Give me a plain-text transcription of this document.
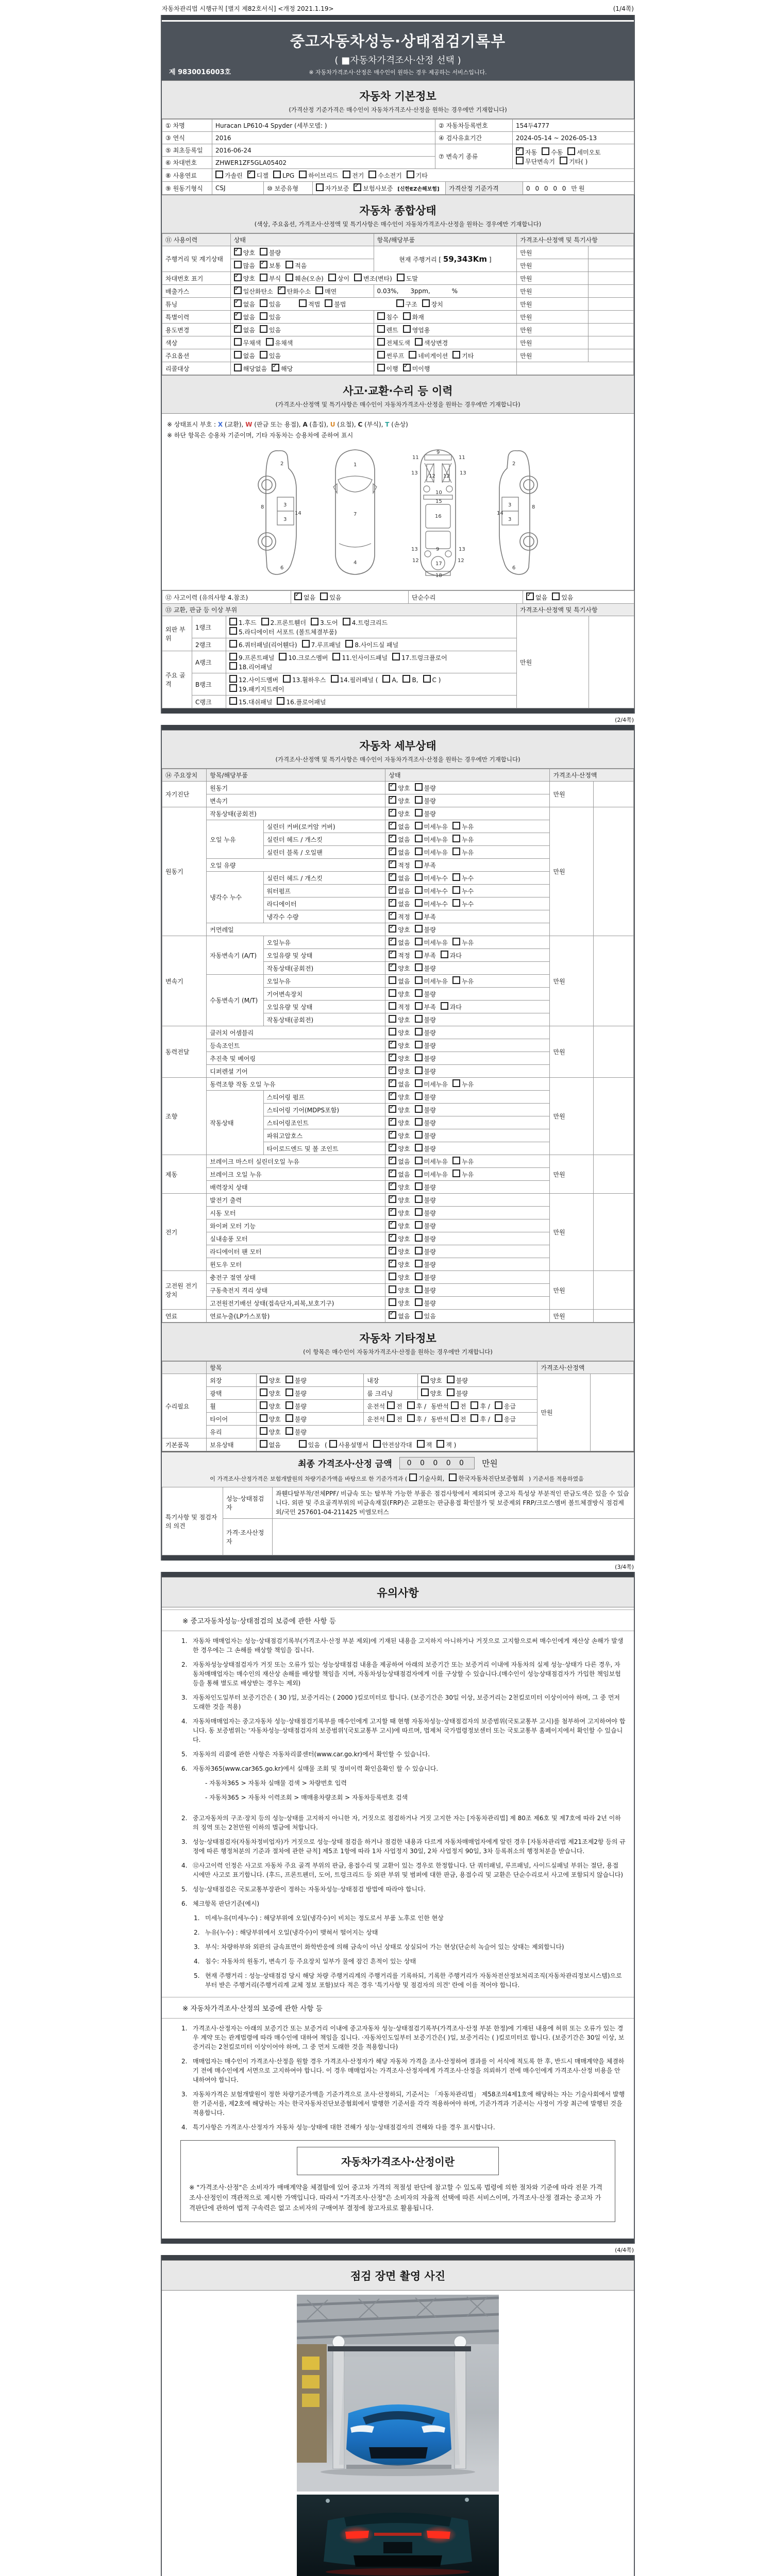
자동차관리법 시행규칙 [별지 제82호서식] <개정 2021.1.19>	(1/4쪽)
중고자동차성능·상태점검기록부
( ■자동차가격조사·산정 선택 )
※ 자동차가격조사·산정은 매수인이 원하는 경우 제공하는 서비스입니다.
제 9830016003호
자동차 기본정보
(가격산정 기준가격은 매수인이 자동차가격조사·산정을 원하는 경우에만 기재합니다)
① 차명	Huracan LP610-4 Spyder (세부모델: )	② 자동차등록번호	154두4777
③ 연식	2016	④ 검사유효기간	2024-05-14 ~ 2026-05-13
⑤ 최초등록일	2016-06-24	⑦ 변속기 종류	✓자동 수동 세미오토무단변속기 기타( )
⑥ 차대번호	ZHWER1ZF5GLA05402		
⑧ 사용연료	가솔린 ✓ 디젤 LPG 하이브리드 전기 수소전기 기타
⑨ 원동기형식	CSJ	⑩ 보증유형	자가보증 ✓ 보험사보증 [신한EZ손해보험]	가격산정 기준가격	0 0 0 0 0 만원
자동차 종합상태
(색상, 주요옵션, 가격조사·산정액 및 특기사항은 매수인이 자동차가격조사·산정을 원하는 경우에만 기재합니다)
⑪ 사용이력	상태	항목/해당부품	가격조사·산정액 및 특기사항	
주행거리 및 계기상태	✓양호 불량	현재 주행거리 [ 59,343Km ]	만원	
	많음 ✓ 보통 적음		만원	
차대번호 표기	✓양호 부식 훼손(오손) 상이 변조(변타) 도말		만원	
배출가스	✓일산화탄소 ✓ 탄화수소 매연	0.03%,      3ppm,           %	만원	
튜닝	✓없음 있음 적법 불법 구조 장치		만원	
특별이력	✓없음 있음	침수 화재	만원	
용도변경	✓없음 있음	렌트 영업용	만원	
색상	무채색 유채색	전체도색 색상변경	만원	
주요옵션	없음 있음	썬루프 네비게이션 기타	만원	
리콜대상	해당없음 ✓ 해당	이행 ✓ 미이행	
사고·교환·수리 등 이력
(가격조사·산정액 및 특기사항은 매수인이 자동차가격조사·산정을 원하는 경우에만 기재합니다)
※ 상태표시 부호 : X (교환), W (판금 또는 용접), A (흠집), U (요철), C (부식), T (손상)
※ 하단 항목은 승용차 기준이며, 기타 자동차는 승용차에 준하여 표시
2
8	3
14
3
6
1
7
4
11	11
13
12 12
13
9
10
15
16
9
13	13
17
12	12
18
2
8
3
14
3
6
⑫ 사고이력 (유의사항 4.참조)	✓없음 있음	단순수리	✓없음 있음
⑬ 교환, 판금 등 이상 부위			가격조사·산정액 및 특기사항	
외판 부위	1랭크	1.후드 2.프론트휀더 3.도어 4.트렁크리드
5.라디에이터 서포트 (볼트체결부품)	만원	
	2랭크	6.쿼터패널(리어휀다) 7.루프패널 8.사이드실 패널		
주요 골격	A랭크	9.프론트패널 10.크로스멤버 11.인사이드패널 17.트렁크플로어
18.리어패널		
	B랭크	12.사이드멤버 13.휠하우스 14.필러패널 ( A, B, C )
19.패키지트레이		
	C랭크	15.대쉬패널 16.플로어패널		
(2/4쪽)
자동차 세부상태
(가격조사·산정액 및 특기사항은 매수인이 자동차가격조사·산정을 원하는 경우에만 기재합니다)
⑭ 주요장치	항목/해당부품		상태	가격조사·산정액	
자기진단	원동기	✓양호 불량	만원	
	변속기	✓양호 불량
원동기	작동상태(공회전)	✓양호 불량	만원	
	오일 누유	실린더 커버(로커암 커버)	✓없음 미세누유 누유
		실린더 헤드 / 개스킷	✓없음 미세누유 누유
		실린더 블록 / 오일팬	✓없음 미세누유 누유
	오일 유량	✓적정 부족
	냉각수 누수	실린더 헤드 / 개스킷	✓없음 미세누수 누수
		워터펌프	✓없음 미세누수 누수
		라디에이터	✓없음 미세누수 누수
		냉각수 수량	✓적정 부족
	커먼레일	✓양호 불량
변속기	자동변속기 (A/T)	오일누유	✓없음 미세누유 누유	만원	
		오일유량 및 상태	✓적정 부족 과다
		작동상태(공회전)	✓양호 불량
	수동변속기 (M/T)	오일누유	없음 미세누유 누유		
		기어변속장치	양호 불량		
		오일유량 및 상태	적정 부족 과다		
		작동상태(공회전)	양호 불량		
동력전달	클러치 어셈블리		양호 불량	만원	
	등속조인트	✓양호 불량
	추진축 및 베어링	✓양호 불량
	디퍼렌셜 기어	✓양호 불량
조향	동력조향 작동 오일 누유	✓없음 미세누유 누유	만원	
	작동상태	스티어링 펌프	✓양호 불량
		스티어링 기어(MDPS포함)	✓양호 불량
		스티어링조인트	✓양호 불량
		파워고압호스	✓양호 불량
		타이로드엔드 및 볼 조인트	✓양호 불량
제동	브레이크 마스터 실린더오일 누유	✓없음 미세누유 누유	만원	
	브레이크 오일 누유	✓없음 미세누유 누유
	배력장치 상태	✓양호 불량
전기	발전기 출력	✓양호 불량	만원	
	시동 모터	✓양호 불량
	와이퍼 모터 기능	✓양호 불량
	실내송풍 모터	✓양호 불량
	라디에이터 팬 모터	✓양호 불량
	윈도우 모터	✓양호 불량
고전원 전기장치	충전구 절연 상태		양호 불량	만원	
	구동축전지 격리 상태		양호 불량		
	고전원전기배선 상태(접속단자,피복,보호기구)		양호 불량		
연료	연료누출(LP가스포함)	✓없음 있음	만원	
자동차 기타정보
(이 항목은 매수인이 자동차가격조사·산정을 원하는 경우에만 기재합니다)
	항목				가격조사·산정액	
수리필요	외장	양호 불량	내장	양호 불량	만원	
	광택	양호 불량	룸 크리닝	양호 불량		
	휠	양호 불량	운전석 전 후 / 동반석 전 후 / 응급			
	타이어	양호 불량	운전석 전 후 / 동반석 전 후 / 응급			
	유리	양호 불량				
기본품목	보유상태	없음 있음 ( 사용설명서 안전삼각대 잭 잭 )				
최종 가격조사·산정 금액	0 0 0 0 0	만원
이 가격조사·산정가격은 보험개발원의 차량기준가액을 바탕으로 한 기준가격과 ( 기술사회, 한국자동차진단보증협회 ) 기준서를 적용하였음
특기사항 및 점검자의 의견	성능·상태점검자	좌휀다탈부착/전체PPF/ 비금속 또는 탈부착 가능한 부품은 점검사항에서 제외되며 중고차 특성상 부분적인 판금도색은 있을 수 있습니다. 외판 및 주요골격부위의 비금속재질(FRP)은 교환또는 판금용접 확인불가 및 보증제외 FRP/크로스멤버 볼트체결방식 점검제외/국민 257601-04-211425 비엠모터스
	가격·조사산정자	
(3/4쪽)
유의사항
※ 중고자동차성능·상태점검의 보증에 관한 사항 등
1. 자동차 매매업자는 성능·상태점검기록부(가격조사·산정 부분 제외)에 기재된 내용을 고지하지 아니하거나 거짓으로 고지함으로써 매수인에게 재산상 손해가 발생한 경우에는 그 손해를 배상할 책임을 집니다.
2. 자동차성능상태점검자가 거짓 또는 오류가 있는 성능상태점검 내용을 제공하여 아래의 보증기간 또는 보증거리 이내에 자동차의 실제 성능·상태가 다른 경우, 자동차매매업자는 매수인의 재산상 손해를 배상할 책임을 지며, 자동차성능상태점검자에게 이를 구상할 수 있습니다.(매수인이 성능상태점검자가 가입한 책임보험 등을 통해 별도로 배상받는 경우는 제외)
3. 자동차인도일부터 보증기간은 ( 30 )일, 보증거리는 ( 2000 )킬로미터로 합니다. (보증기간은 30일 이상, 보증거리는 2천킬로미터 이상이어야 하며, 그 중 먼저 도래한 것을 적용)
4. 자동차매매업자는 중고자동차 성능·상태점검기록부를 매수인에게 고지할 때 현행 자동차성능·상태점검자의 보증범위(국토교통부 고시)를 첨부하여 고지하여야 합니다. 동 보증범위는 '자동차성능·상태점검자의 보증범위'(국토교통부 고시)에 따르며, 법제처 국가법령정보센터 또는 국토교통부 홈페이지에서 확인할 수 있습니다.
5. 자동차의 리콜에 관한 사항은 자동차리콜센터(www.car.go.kr)에서 확인할 수 있습니다.
6. 자동차365(www.car365.go.kr)에서 실매물 조회 및 정비이력 확인을확인 할 수 있습니다.
- 자동차365 > 자동차 실매물 검색 > 차량번호 입력
- 자동차365 > 자동차 이력조회 > 매매용차량조회 > 자동차등록번호 검색
2. 중고자동차의 구조·장치 등의 성능·상태를 고지하지 아니한 자, 거짓으로 점검하거나 거짓 고지한 자는 [자동차관리법] 제 80조 제6호 및 제7호에 따라 2년 이하의 징역 또는 2천만원 이하의 벌금에 처합니다.
3. 성능·상태점검자(자동차정비업자)가 거짓으로 성능·상태 점검을 하거나 점검한 내용과 다르게 자동차매매업자에게 알린 경우 [자동차관리법 제21조제2항 등의 규정에 따른 행정처분의 기준과 절차에 관한 규칙] 제5조 1항에 따라 1차 사업정지 30일, 2차 사업정지 90일, 3차 등록취소의 행정처분을 받습니다.
4. ⑫사고이력 인정은 사고로 자동차 주요 골격 부위의 판금, 용접수리 및 교환이 있는 경우로 한정합니다. 단 쿼터패널, 루프패널, 사이드실패널 부위는 절단, 용접 시에만 사고로 표기합니다. (후드, 프론트펜더, 도어, 트렁크리드 등 외판 부위 및 범퍼에 대한 판금, 용접수리 및 교환은 단순수리로서 사고에 포함되지 않습니다)
5. 성능·상태점검은 국토교통부장관이 정하는 자동차성능·상태점검 방법에 따라야 합니다.
6. 체크항목 판단기준(예시)
1. 미세누유(미세누수) : 해당부위에 오일(냉각수)이 비치는 정도로서 부품 노후로 인한 현상
2. 누유(누수) : 해당부위에서 오일(냉각수)이 맺혀서 떨어지는 상태
3. 부식: 차량하부와 외판의 금속표면이 화학반응에 의해 금속이 아닌 상태로 상실되어 가는 현상(단순히 녹슬어 있는 상태는 제외합니다)
4. 침수: 자동차의 원동기, 변속기 등 주요장치 일부가 물에 잠긴 흔적이 있는 상태
5. 현재 주행거리 : 성능·상태점검 당시 해당 차량 주행거리계의 주행거리를 기록하되, 기록한 주행거리가 자동차전산정보처리조직(자동차관리정보시스템)으로부터 받은 주행거리(주행거리계 교체 정보 포함)보다 적은 경우 '특기사항 및 점검자의 의견' 란에 이를 적어야 합니다.
※ 자동차가격조사·산정의 보증에 관한 사항 등
1. 가격조사·산정자는 아래의 보증기간 또는 보증거리 이내에 중고자동차 성능·상태점검기록부(가격조사·산정 부분 한정)에 기재된 내용에 허위 또는 오류가 있는 경우 계약 또는 관계법령에 따라 매수인에 대하여 책임을 집니다. ·자동차인도일부터 보증기간은( )일, 보증거리는 ( )킬로미터로 합니다. (보증기간은 30일 이상, 보증거리는 2천킬로미터 이상이어야 하며, 그 중 먼저 도래한 것을 적용합니다)
2. 매매업자는 매수인이 가격조사·산정을 원할 경우 가격조사·산정자가 해당 자동차 가격을 조사·산정하여 결과를 이 서식에 적도록 한 후, 반드시 매매계약을 체결하기 전에 매수인에게 서면으로 고지하여야 합니다. 이 경우 매매업자는 가격조사·산정자에게 가격조사·산정을 의뢰하기 전에 매수인에게 가격조사·산정 비용을 안내하여야 합니다.
3. 자동차가격은 보험개발원이 정한 차량기준가액을 기준가격으로 조사·산정하되, 기준서는 「자동차관리법」 제58조의4제1호에 해당하는 자는 기술사회에서 발행한 기준서를, 제2호에 해당하는 자는 한국자동차진단보증협회에서 발행한 기준서를 각각 적용하여야 하며, 기준가격과 기준서는 사정이 가장 최근에 발행된 것을 적용합니다.
4. 특기사항은 가격조사·산정자가 자동차 성능·상태에 대한 견해가 성능·상태점검자의 견해와 다를 경우 표시합니다.
자동차가격조사·산정이란
※ "가격조사·산정"은 소비자가 매매계약을 체결함에 있어 중고차 가격의 적절성 판단에 참고할 수 있도록 법령에 의한 절차와 기준에 따라 전문 가격조사·산정인이 객관적으로 제시한 가액입니다. 따라서 "가격조사·산정"은 소비자의 자율적 선택에 따른 서비스이며, 가격조사·산정 결과는 중고차 가격판단에 관하여 법적 구속력은 없고 소비자의 구매여부 결정에 참고자료로 활용됩니다.
(4/4쪽)
점검 장면 촬영 사진
